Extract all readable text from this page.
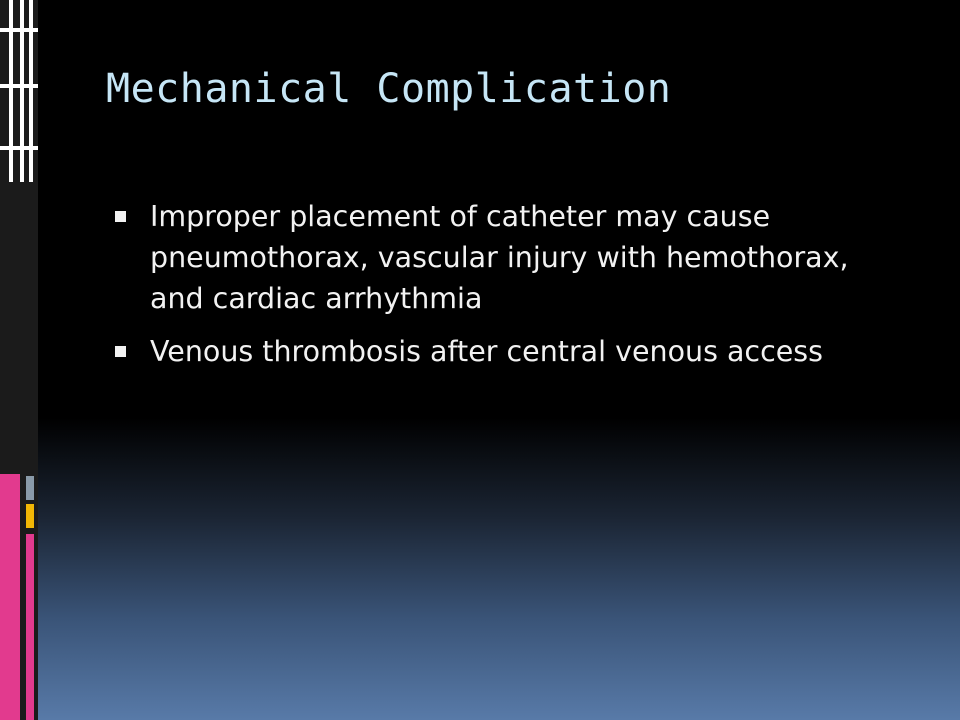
Mechanical Complication
Improper placement of catheter may cause pneumothorax, vascular injury with hemothorax, and cardiac arrhythmia
Venous thrombosis after central venous access
